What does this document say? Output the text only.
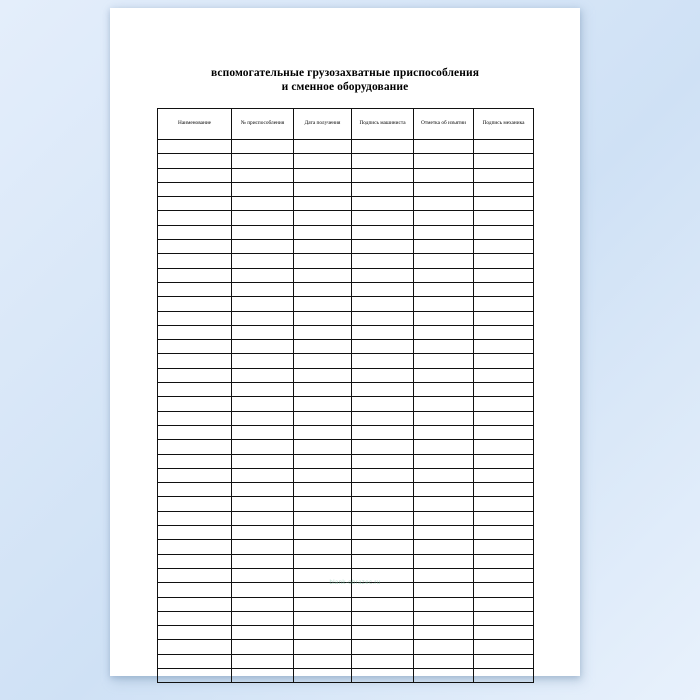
вспомогательные грузозахватные приспособления
и сменное оборудование
Наименование	№ приспособления	Дата получения	Подпись машиниста	Отметка об изъятии	Подпись механика

blank-obrazec.ru
